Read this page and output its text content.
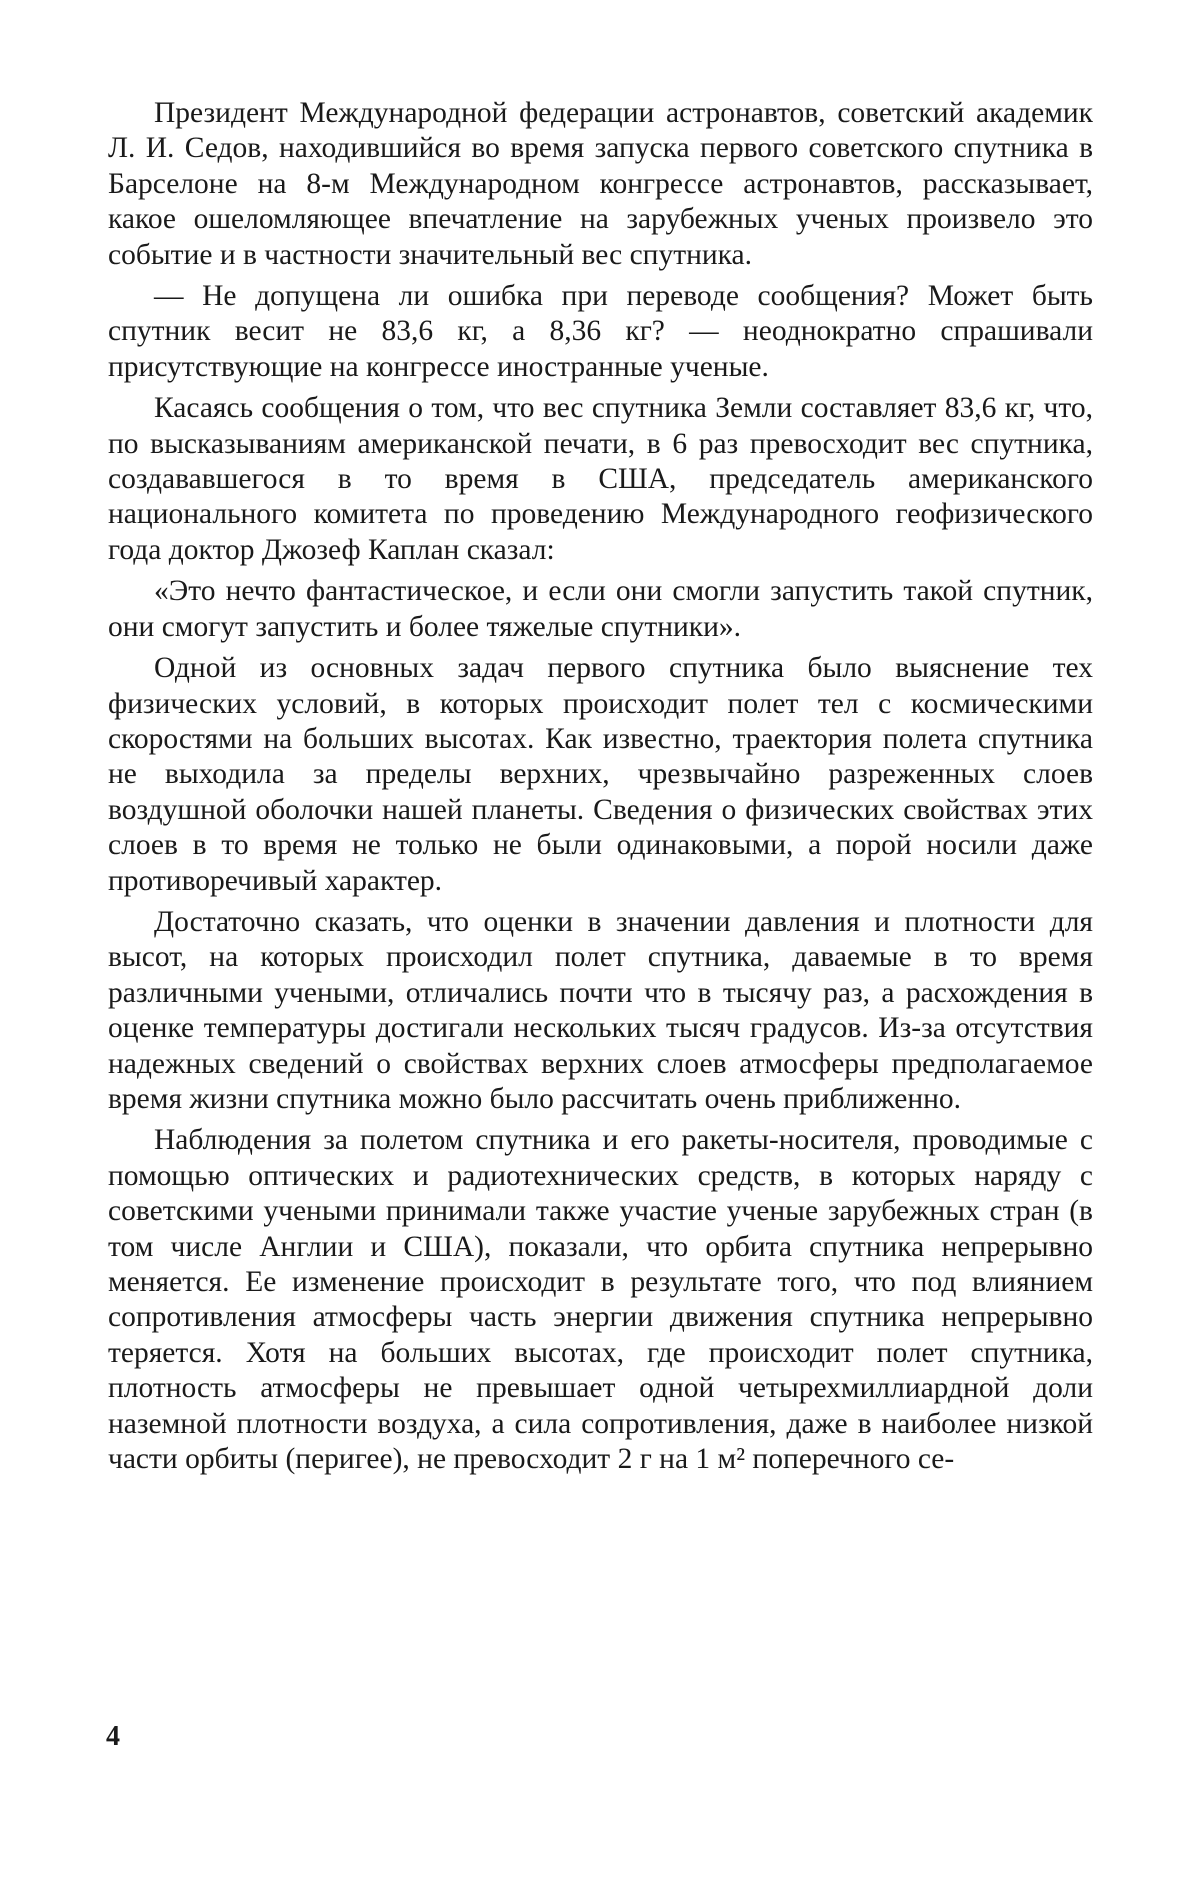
Президент Международной федерации астронавтов, советский академик Л. И. Седов, находившийся во время запуска первого советского спутника в Барселоне на 8-м Международном конгрессе астронавтов, рассказывает, какое ошеломляющее впечатление на зарубежных ученых произвело это событие и в частности значительный вес спутника.

— Не допущена ли ошибка при переводе сообщения? Может быть спутник весит не 83,6 кг, а 8,36 кг? — неоднократно спрашивали присутствующие на конгрессе иностранные ученые.

Касаясь сообщения о том, что вес спутника Земли составляет 83,6 кг, что, по высказываниям американской печати, в 6 раз превосходит вес спутника, создававшегося в то время в США, председатель американского национального комитета по проведению Международного геофизического года доктор Джозеф Каплан сказал:

«Это нечто фантастическое, и если они смогли запустить такой спутник, они смогут запустить и более тяжелые спутники».

Одной из основных задач первого спутника было выяснение тех физических условий, в которых происходит полет тел с космическими скоростями на больших высотах. Как известно, траектория полета спутника не выходила за пределы верхних, чрезвычайно разреженных слоев воздушной оболочки нашей планеты. Сведения о физических свойствах этих слоев в то время не только не были одинаковыми, а порой носили даже противоречивый характер.

Достаточно сказать, что оценки в значении давления и плотности для высот, на которых происходил полет спутника, даваемые в то время различными учеными, отличались почти что в тысячу раз, а расхождения в оценке температуры достигали нескольких тысяч градусов. Из-за отсутствия надежных сведений о свойствах верхних слоев атмосферы предполагаемое время жизни спутника можно было рассчитать очень приближенно.

Наблюдения за полетом спутника и его ракеты-носителя, проводимые с помощью оптических и радиотехнических средств, в которых наряду с советскими учеными принимали также участие ученые зарубежных стран (в том числе Англии и США), показали, что орбита спутника непрерывно меняется. Ее изменение происходит в результате того, что под влиянием сопротивления атмосферы часть энергии движения спутника непрерывно теряется. Хотя на больших высотах, где происходит полет спутника, плотность атмосферы не превышает одной четырехмиллиардной доли наземной плотности воздуха, а сила сопротивления, даже в наиболее низкой части орбиты (перигее), не превосходит 2 г на 1 м² поперечного се-

4
